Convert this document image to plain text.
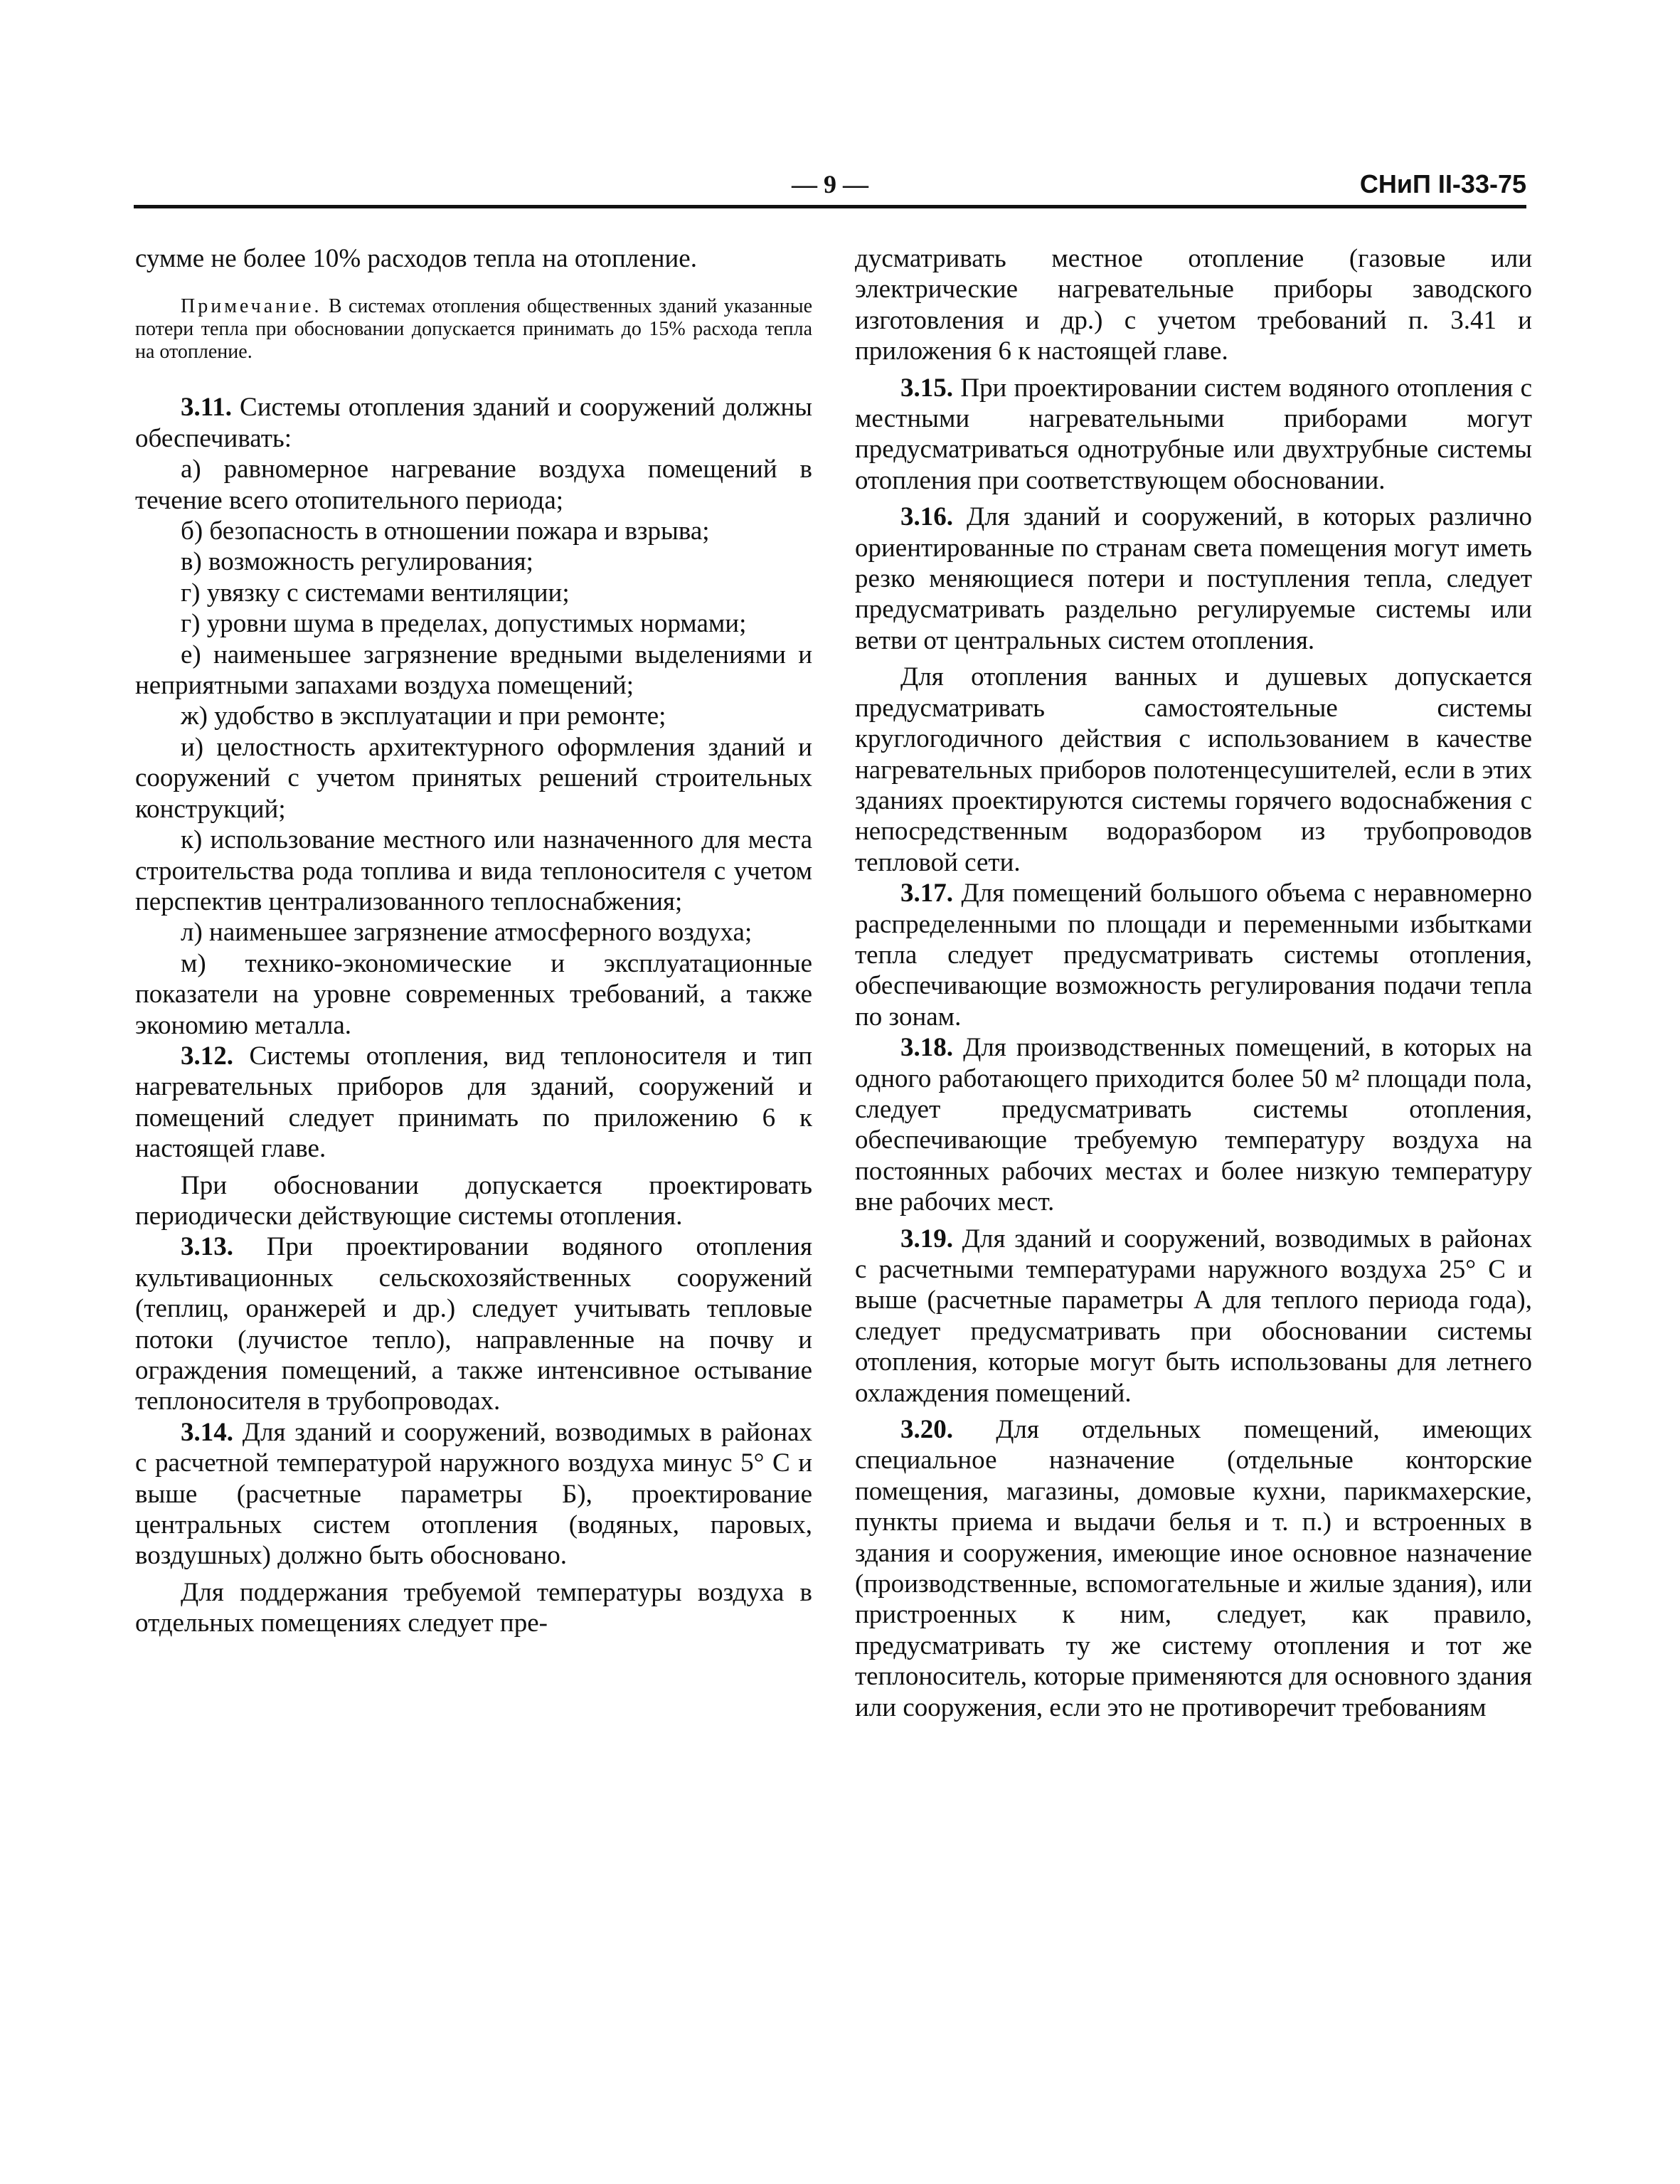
— 9 —	СНиП II-33-75

сумме не более 10% расходов тепла на отопление.

Примечание. В системах отопления общественных зданий указанные потери тепла при обосновании допускается принимать до 15% расхода тепла на отопление.

3.11. Системы отопления зданий и сооружений должны обеспечивать:

а) равномерное нагревание воздуха помещений в течение всего отопительного периода;

б) безопасность в отношении пожара и взрыва;

в) возможность регулирования;

г) увязку с системами вентиляции;

г) уровни шума в пределах, допустимых нормами;

е) наименьшее загрязнение вредными выделениями и неприятными запахами воздуха помещений;

ж) удобство в эксплуатации и при ремонте;

и) целостность архитектурного оформления зданий и сооружений с учетом принятых решений строительных конструкций;

к) использование местного или назначенного для места строительства рода топлива и вида теплоносителя с учетом перспектив централизованного теплоснабжения;

л) наименьшее загрязнение атмосферного воздуха;

м) технико-экономические и эксплуатационные показатели на уровне современных требований, а также экономию металла.

3.12. Системы отопления, вид теплоносителя и тип нагревательных приборов для зданий, сооружений и помещений следует принимать по приложению 6 к настоящей главе.

При обосновании допускается проектировать периодически действующие системы отопления.

3.13. При проектировании водяного отопления культивационных сельскохозяйственных сооружений (теплиц, оранжерей и др.) следует учитывать тепловые потоки (лучистое тепло), направленные на почву и ограждения помещений, а также интенсивное остывание теплоносителя в трубопроводах.

3.14. Для зданий и сооружений, возводимых в районах с расчетной температурой наружного воздуха минус 5° С и выше (расчетные параметры Б), проектирование центральных систем отопления (водяных, паровых, воздушных) должно быть обосновано.

Для поддержания требуемой температуры воздуха в отдельных помещениях следует пре-

дусматривать местное отопление (газовые или электрические нагревательные приборы заводского изготовления и др.) с учетом требований п. 3.41 и приложения 6 к настоящей главе.

3.15. При проектировании систем водяного отопления с местными нагревательными приборами могут предусматриваться однотрубные или двухтрубные системы отопления при соответствующем обосновании.

3.16. Для зданий и сооружений, в которых различно ориентированные по странам света помещения могут иметь резко меняющиеся потери и поступления тепла, следует предусматривать раздельно регулируемые системы или ветви от центральных систем отопления.

Для отопления ванных и душевых допускается предусматривать самостоятельные системы круглогодичного действия с использованием в качестве нагревательных приборов полотенцесушителей, если в этих зданиях проектируются системы горячего водоснабжения с непосредственным водоразбором из трубопроводов тепловой сети.

3.17. Для помещений большого объема с неравномерно распределенными по площади и переменными избытками тепла следует предусматривать системы отопления, обеспечивающие возможность регулирования подачи тепла по зонам.

3.18. Для производственных помещений, в которых на одного работающего приходится более 50 м² площади пола, следует предусматривать системы отопления, обеспечивающие требуемую температуру воздуха на постоянных рабочих местах и более низкую температуру вне рабочих мест.

3.19. Для зданий и сооружений, возводимых в районах с расчетными температурами наружного воздуха 25° С и выше (расчетные параметры А для теплого периода года), следует предусматривать при обосновании системы отопления, которые могут быть использованы для летнего охлаждения помещений.

3.20. Для отдельных помещений, имеющих специальное назначение (отдельные конторские помещения, магазины, домовые кухни, парикмахерские, пункты приема и выдачи белья и т. п.) и встроенных в здания и сооружения, имеющие иное основное назначение (производственные, вспомогательные и жилые здания), или пристроенных к ним, следует, как правило, предусматривать ту же систему отопления и тот же теплоноситель, которые применяются для основного здания или сооружения, если это не противоречит требованиям
